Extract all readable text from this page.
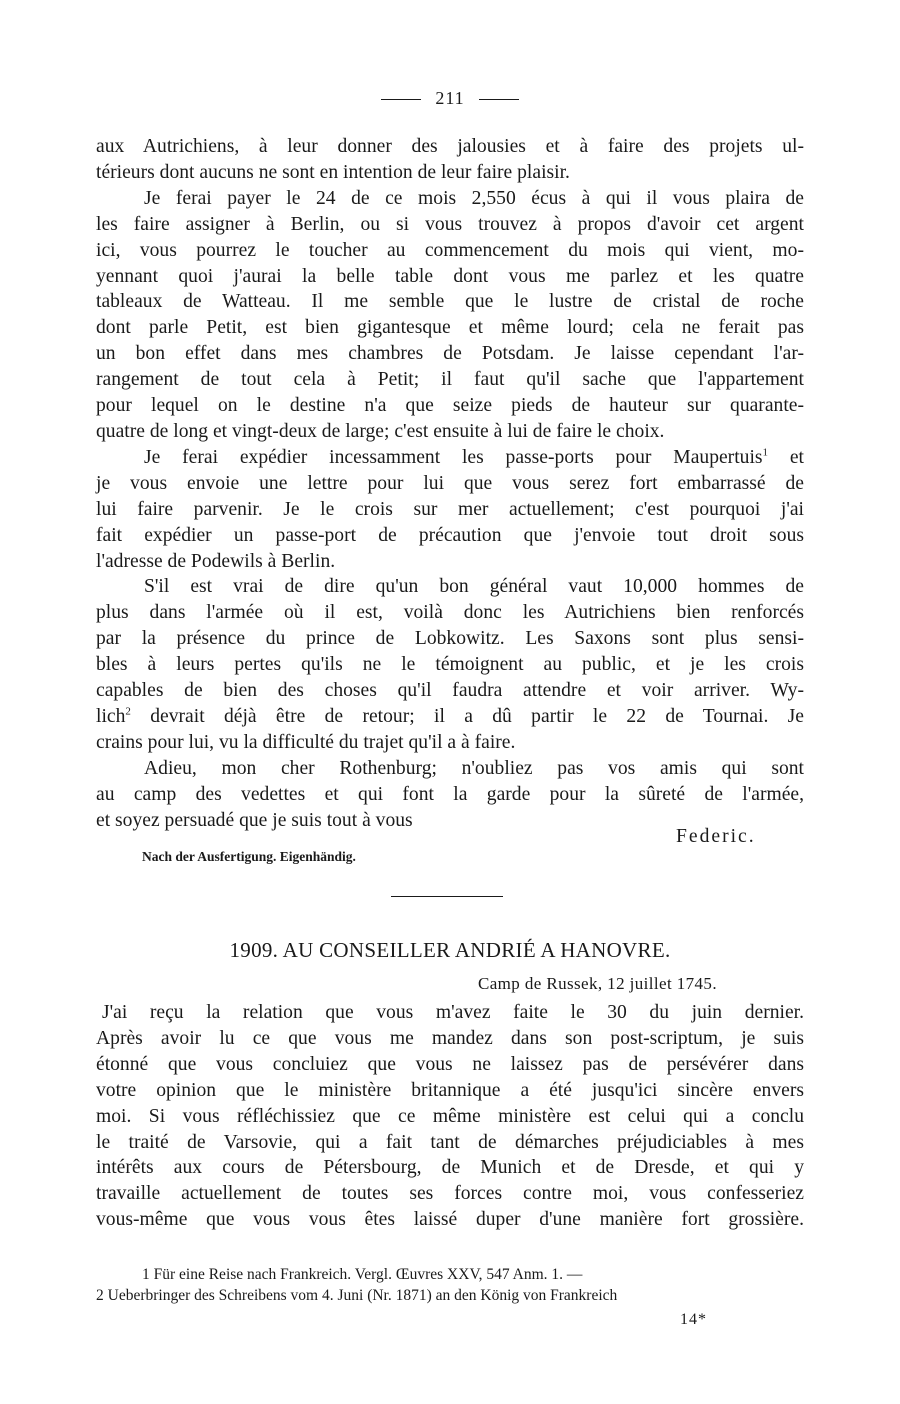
211
aux Autrichiens, à leur donner des jalousies et à faire des projets ul-
térieurs dont aucuns ne sont en intention de leur faire plaisir.
Je ferai payer le 24 de ce mois 2,550 écus à qui il vous plaira de
les faire assigner à Berlin, ou si vous trouvez à propos d'avoir cet argent
ici, vous pourrez le toucher au commencement du mois qui vient, mo-
yennant quoi j'aurai la belle table dont vous me parlez et les quatre
tableaux de Watteau. Il me semble que le lustre de cristal de roche
dont parle Petit, est bien gigantesque et même lourd; cela ne ferait pas
un bon effet dans mes chambres de Potsdam. Je laisse cependant l'ar-
rangement de tout cela à Petit; il faut qu'il sache que l'appartement
pour lequel on le destine n'a que seize pieds de hauteur sur quarante-
quatre de long et vingt-deux de large; c'est ensuite à lui de faire le choix.
Je ferai expédier incessamment les passe-ports pour Maupertuis$^1$ et
je vous envoie une lettre pour lui que vous serez fort embarrassé de
lui faire parvenir. Je le crois sur mer actuellement; c'est pourquoi j'ai
fait expédier un passe-port de précaution que j'envoie tout droit sous
l'adresse de Podewils à Berlin.
S'il est vrai de dire qu'un bon général vaut 10,000 hommes de
plus dans l'armée où il est, voilà donc les Autrichiens bien renforcés
par la présence du prince de Lobkowitz. Les Saxons sont plus sensi-
bles à leurs pertes qu'ils ne le témoignent au public, et je les crois
capables de bien des choses qu'il faudra attendre et voir arriver. Wy-
lich$^2$ devrait déjà être de retour; il a dû partir le 22 de Tournai. Je
crains pour lui, vu la difficulté du trajet qu'il a à faire.
Adieu, mon cher Rothenburg; n'oubliez pas vos amis qui sont
au camp des vedettes et qui font la garde pour la sûreté de l'armée,
et soyez persuadé que je suis tout à vous
Federic.
Nach der Ausfertigung. Eigenhändig.
1909. AU CONSEILLER ANDRIÉ A HANOVRE.
Camp de Russek, 12 juillet 1745.
J'ai reçu la relation que vous m'avez faite le 30 du juin dernier.
Après avoir lu ce que vous me mandez dans son post-scriptum, je suis
étonné que vous concluiez que vous ne laissez pas de persévérer dans
votre opinion que le ministère britannique a été jusqu'ici sincère envers
moi. Si vous réfléchissiez que ce même ministère est celui qui a conclu
le traité de Varsovie, qui a fait tant de démarches préjudiciables à mes
intérêts aux cours de Pétersbourg, de Munich et de Dresde, et qui y
travaille actuellement de toutes ses forces contre moi, vous confesseriez
vous-même que vous vous êtes laissé duper d'une manière fort grossière.
1 Für eine Reise nach Frankreich. Vergl. Œuvres XXV, 547 Anm. 1. —
2 Ueberbringer des Schreibens vom 4. Juni (Nr. 1871) an den König von Frankreich
14*
